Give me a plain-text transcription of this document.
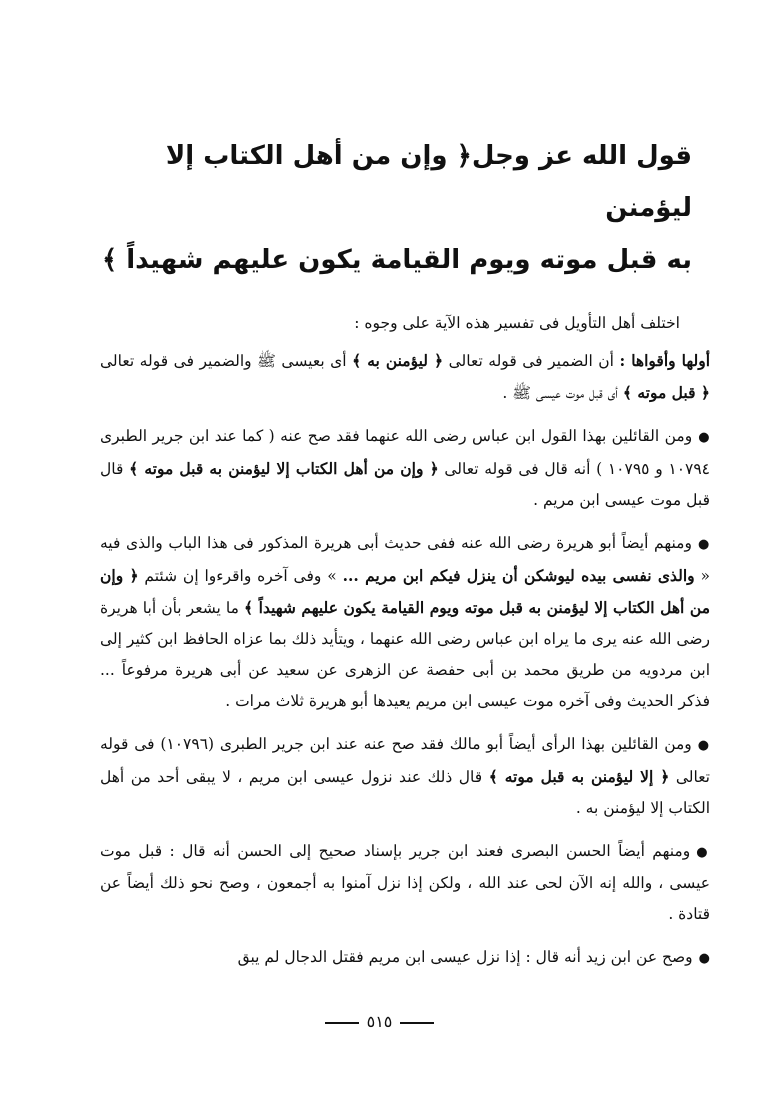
قول الله عز وجل﴿ وإن من أهل الكتاب إلا ليؤمنن
به قبل موته ويوم القيامة يكون عليهم شهيداً ﴾

اختلف أهل التأويل فى تفسير هذه الآية على وجوه :

أولها وأقواها : أن الضمير فى قوله تعالى ﴿ ليؤمنن به ﴾ أى بعيسى ﷺ والضمير فى قوله تعالى ﴿ قبل موته ﴾ أى قبل موت عيسى ﷺ .

●ومن القائلين بهذا القول ابن عباس رضى الله عنهما فقد صح عنه ( كما عند ابن جرير الطبرى ١٠٧٩٤ و ١٠٧٩٥ ) أنه قال فى قوله تعالى ﴿ وإن من أهل الكتاب إلا ليؤمنن به قبل موته ﴾ قال قبل موت عيسى ابن مريم .

●ومنهم أيضاً أبو هريرة رضى الله عنه ففى حديث أبى هريرة المذكور فى هذا الباب والذى فيه « والذى نفسى بيده ليوشكن أن ينزل فيكم ابن مريم ... » وفى آخره واقرءوا إن شئتم ﴿ وإن من أهل الكتاب إلا ليؤمنن به قبل موته ويوم القيامة يكون عليهم شهيداً ﴾ ما يشعر بأن أبا هريرة رضى الله عنه يرى ما يراه ابن عباس رضى الله عنهما ، ويتأيد ذلك بما عزاه الحافظ ابن كثير إلى ابن مردويه من طريق محمد بن أبى حفصة عن الزهرى عن سعيد عن أبى هريرة مرفوعاً ... فذكر الحديث وفى آخره موت عيسى ابن مريم يعيدها أبو هريرة ثلاث مرات .

●ومن القائلين بهذا الرأى أيضاً أبو مالك فقد صح عنه عند ابن جرير الطبرى (١٠٧٩٦) فى قوله تعالى ﴿ إلا ليؤمنن به قبل موته ﴾ قال ذلك عند نزول عيسى ابن مريم ، لا يبقى أحد من أهل الكتاب إلا ليؤمنن به .

●ومنهم أيضاً الحسن البصرى فعند ابن جرير بإسناد صحيح إلى الحسن أنه قال : قبل موت عيسى ، والله إنه الآن لحى عند الله ، ولكن إذا نزل آمنوا به أجمعون ، وصح نحو ذلك أيضاً عن قتادة .

●وصح عن ابن زيد أنه قال : إذا نزل عيسى ابن مريم فقتل الدجال لم يبق

٥١٥
